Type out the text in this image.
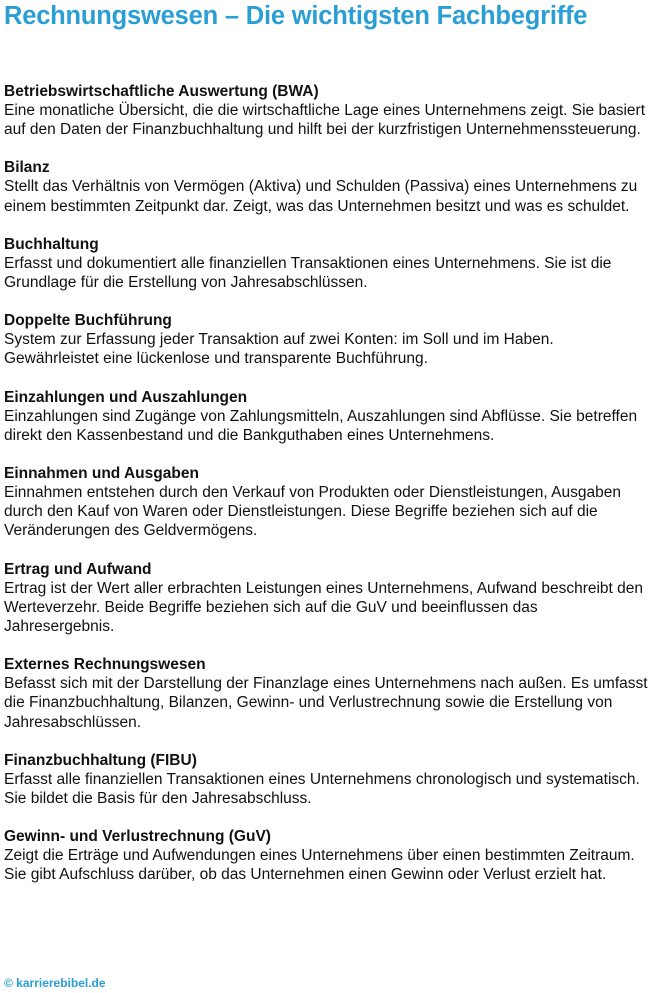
Rechnungswesen – Die wichtigsten Fachbegriffe

Betriebswirtschaftliche Auswertung (BWA)

Eine monatliche Übersicht, die die wirtschaftliche Lage eines Unternehmens zeigt. Sie basiert auf den Daten der Finanzbuchhaltung und hilft bei der kurzfristigen Unternehmenssteuerung.

Bilanz

Stellt das Verhältnis von Vermögen (Aktiva) und Schulden (Passiva) eines Unternehmens zu einem bestimmten Zeitpunkt dar. Zeigt, was das Unternehmen besitzt und was es schuldet.

Buchhaltung

Erfasst und dokumentiert alle finanziellen Transaktionen eines Unternehmens. Sie ist die Grundlage für die Erstellung von Jahresabschlüssen.

Doppelte Buchführung

System zur Erfassung jeder Transaktion auf zwei Konten: im Soll und im Haben. Gewährleistet eine lückenlose und transparente Buchführung.

Einzahlungen und Auszahlungen

Einzahlungen sind Zugänge von Zahlungsmitteln, Auszahlungen sind Abflüsse. Sie betreffen direkt den Kassenbestand und die Bankguthaben eines Unternehmens.

Einnahmen und Ausgaben

Einnahmen entstehen durch den Verkauf von Produkten oder Dienstleistungen, Ausgaben durch den Kauf von Waren oder Dienstleistungen. Diese Begriffe beziehen sich auf die Veränderungen des Geldvermögens.

Ertrag und Aufwand

Ertrag ist der Wert aller erbrachten Leistungen eines Unternehmens, Aufwand beschreibt den Werteverzehr. Beide Begriffe beziehen sich auf die GuV und beeinflussen das Jahresergebnis.

Externes Rechnungswesen

Befasst sich mit der Darstellung der Finanzlage eines Unternehmens nach außen. Es umfasst die Finanzbuchhaltung, Bilanzen, Gewinn- und Verlustrechnung sowie die Erstellung von Jahresabschlüssen.

Finanzbuchhaltung (FIBU)

Erfasst alle finanziellen Transaktionen eines Unternehmens chronologisch und systematisch. Sie bildet die Basis für den Jahresabschluss.

Gewinn- und Verlustrechnung (GuV)

Zeigt die Erträge und Aufwendungen eines Unternehmens über einen bestimmten Zeitraum. Sie gibt Aufschluss darüber, ob das Unternehmen einen Gewinn oder Verlust erzielt hat.

© karrierebibel.de
